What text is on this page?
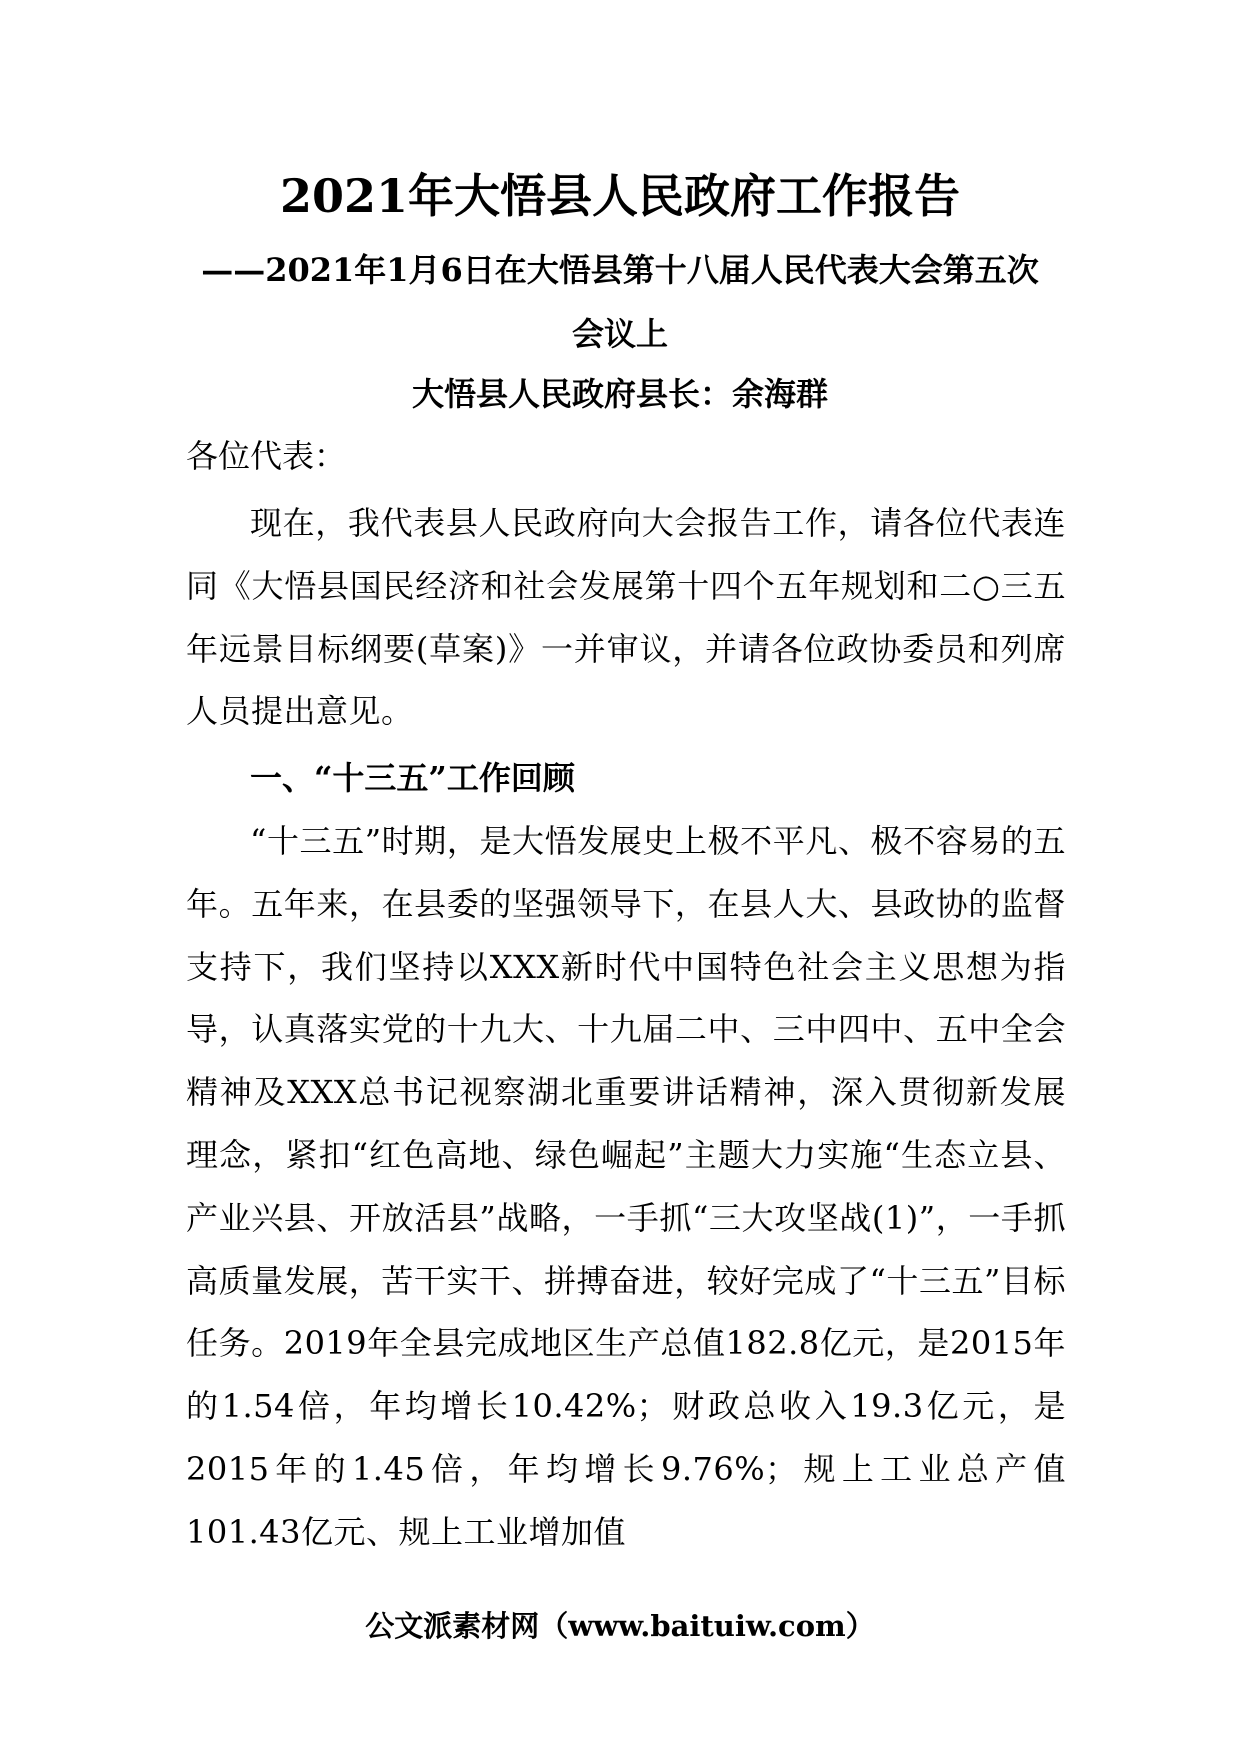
2021年大悟县人民政府工作报告

——2021年1月6日在大悟县第十八届人民代表大会第五次会议上

大悟县人民政府县长：余海群

各位代表：

现在，我代表县人民政府向大会报告工作，请各位代表连同《大悟县国民经济和社会发展第十四个五年规划和二○三五年远景目标纲要(草案)》一并审议，并请各位政协委员和列席人员提出意见。

一、“十三五”工作回顾

“十三五”时期，是大悟发展史上极不平凡、极不容易的五年。五年来，在县委的坚强领导下，在县人大、县政协的监督支持下，我们坚持以XXX新时代中国特色社会主义思想为指导，认真落实党的十九大、十九届二中、三中四中、五中全会精神及XXX总书记视察湖北重要讲话精神，深入贯彻新发展理念，紧扣“红色高地、绿色崛起”主题大力实施“生态立县、产业兴县、开放活县”战略，一手抓“三大攻坚战(1)”，一手抓高质量发展，苦干实干、拼搏奋进，较好完成了“十三五”目标任务。2019年全县完成地区生产总值182.8亿元，是2015年的1.54倍，年均增长10.42%；财政总收入19.3亿元，是2015年的1.45倍，年均增长9.76%；规上工业总产值101.43亿元、规上工业增加值

公文派素材网（www.baituiw.com）
